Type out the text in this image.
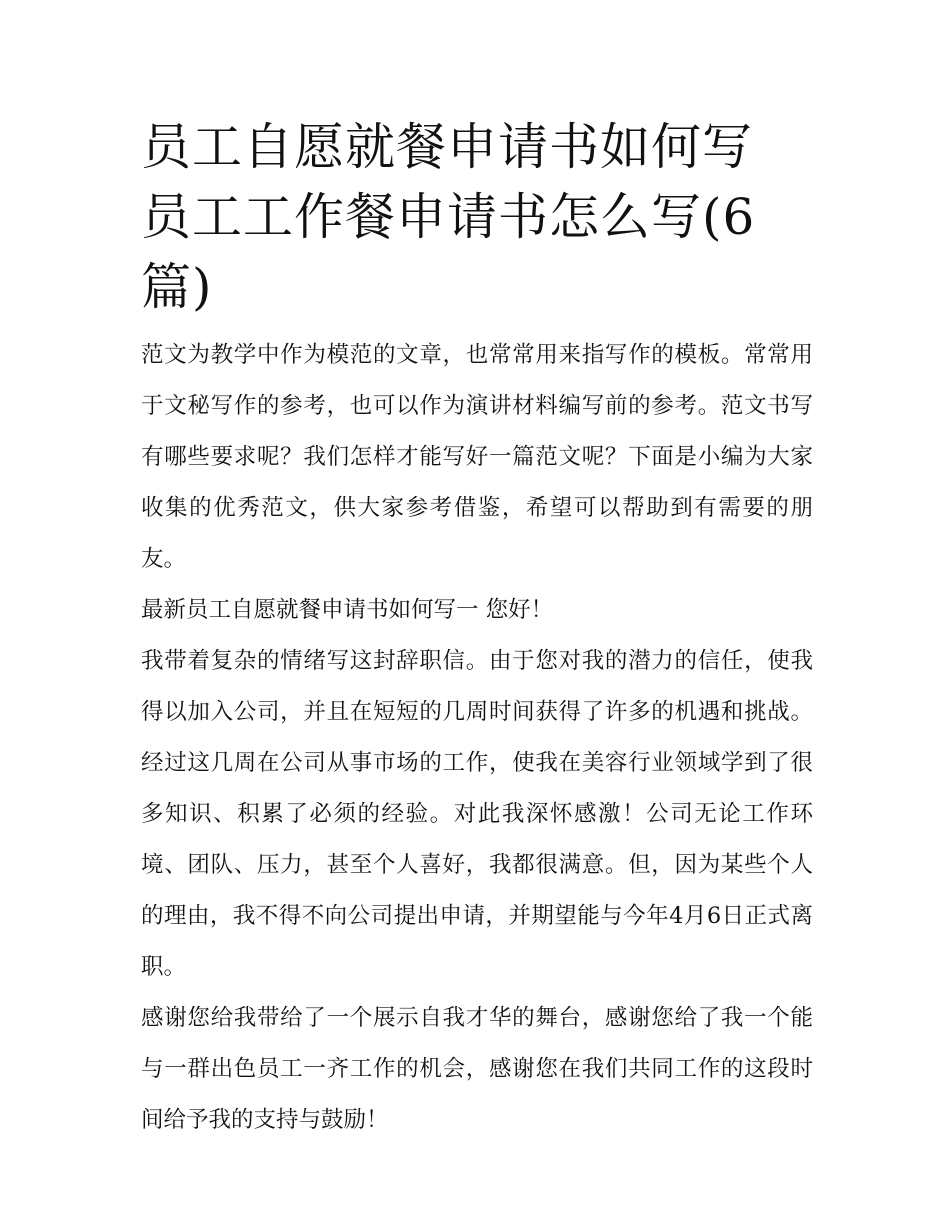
员工自愿就餐申请书如何写 员工工作餐申请书怎么写(6篇)

范文为教学中作为模范的文章，也常常用来指写作的模板。常常用于文秘写作的参考，也可以作为演讲材料编写前的参考。范文书写有哪些要求呢？我们怎样才能写好一篇范文呢？下面是小编为大家收集的优秀范文，供大家参考借鉴，希望可以帮助到有需要的朋友。

最新员工自愿就餐申请书如何写一 您好！

我带着复杂的情绪写这封辞职信。由于您对我的潜力的信任，使我得以加入公司，并且在短短的几周时间获得了许多的机遇和挑战。经过这几周在公司从事市场的工作，使我在美容行业领域学到了很多知识、积累了必须的经验。对此我深怀感激！公司无论工作环境、团队、压力，甚至个人喜好，我都很满意。但，因为某些个人的理由，我不得不向公司提出申请，并期望能与今年4月6日正式离职。

感谢您给我带给了一个展示自我才华的舞台，感谢您给了我一个能与一群出色员工一齐工作的机会，感谢您在我们共同工作的这段时间给予我的支持与鼓励！
